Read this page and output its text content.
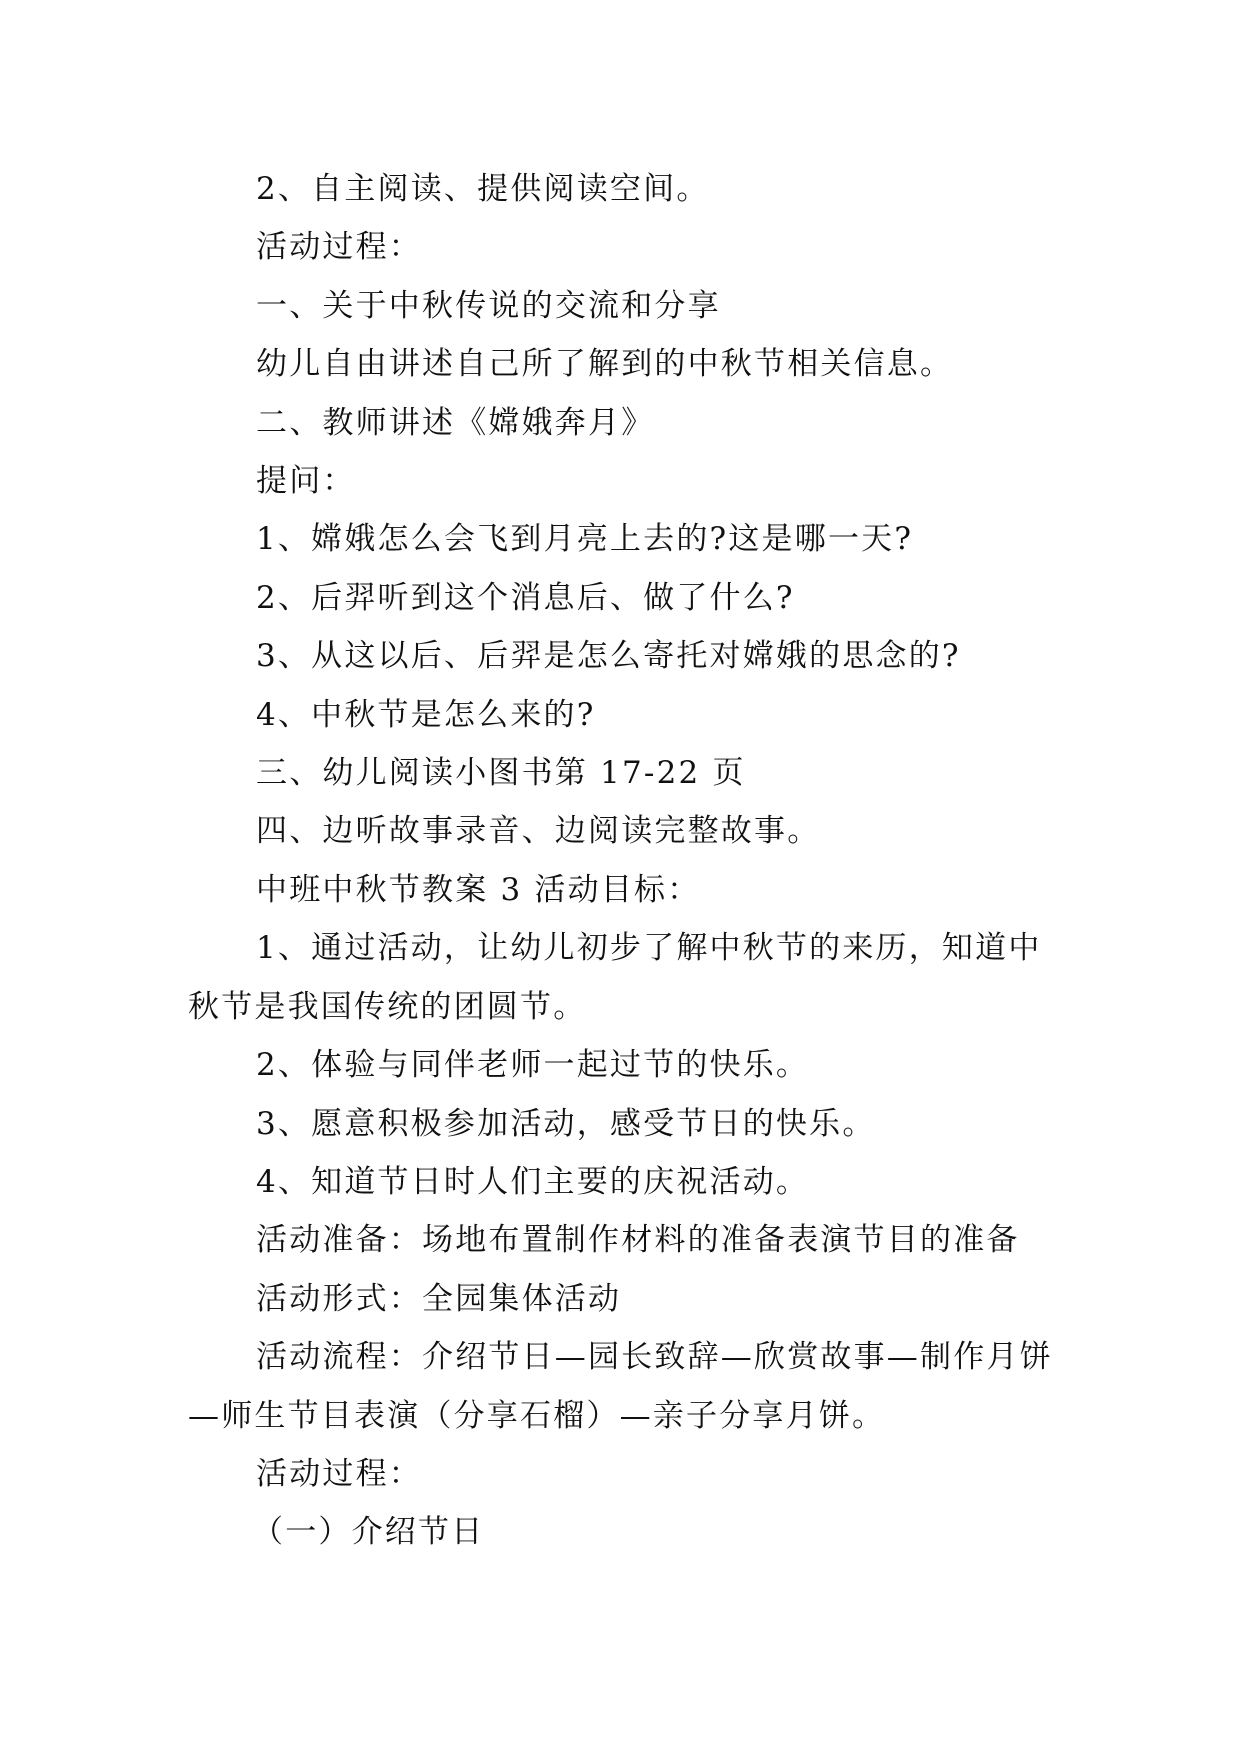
2、自主阅读、提供阅读空间。

活动过程：

一、关于中秋传说的交流和分享

幼儿自由讲述自己所了解到的中秋节相关信息。

二、教师讲述《嫦娥奔月》

提问：

1、嫦娥怎么会飞到月亮上去的?这是哪一天?

2、后羿听到这个消息后、做了什么?

3、从这以后、后羿是怎么寄托对嫦娥的思念的?

4、中秋节是怎么来的?

三、幼儿阅读小图书第 17-22 页

四、边听故事录音、边阅读完整故事。

中班中秋节教案 3 活动目标：

1、通过活动，让幼儿初步了解中秋节的来历，知道中秋节是我国传统的团圆节。

2、体验与同伴老师一起过节的快乐。

3、愿意积极参加活动，感受节日的快乐。

4、知道节日时人们主要的庆祝活动。

活动准备：场地布置制作材料的准备表演节目的准备

活动形式：全园集体活动

活动流程：介绍节日—园长致辞—欣赏故事—制作月饼—师生节目表演（分享石榴）—亲子分享月饼。

活动过程：

（一）介绍节日
